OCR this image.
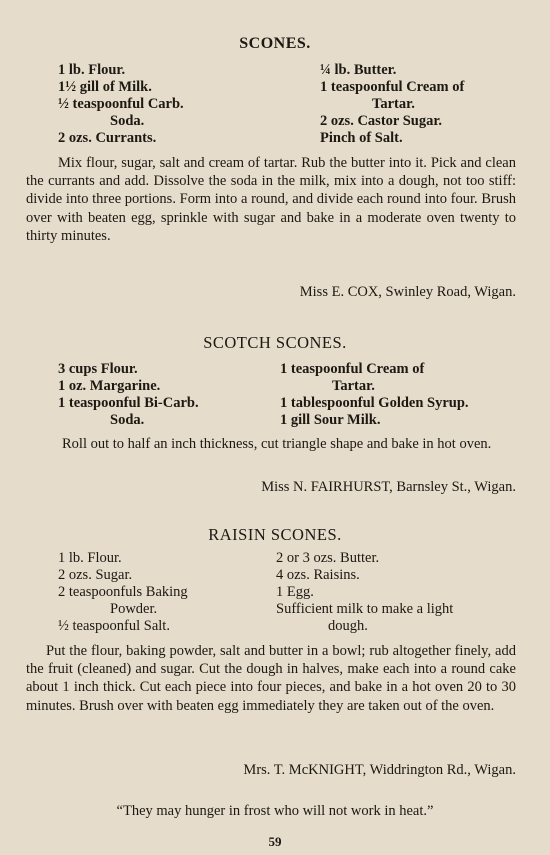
SCONES.
1 lb. Flour.
1½ gill of Milk.
½ teaspoonful Carb.
Soda.
2 ozs. Currants.
¼ lb. Butter.
1 teaspoonful Cream of
Tartar.
2 ozs. Castor Sugar.
Pinch of Salt.
Mix flour, sugar, salt and cream of tartar. Rub the butter into it. Pick and clean the currants and add. Dissolve the soda in the milk, mix into a dough, not too stiff: divide into three portions. Form into a round, and divide each round into four. Brush over with beaten egg, sprinkle with sugar and bake in a moderate oven twenty to thirty minutes.
Miss E. COX, Swinley Road, Wigan.
SCOTCH SCONES.
3 cups Flour.
1 oz. Margarine.
1 teaspoonful Bi-Carb.
Soda.
1 teaspoonful Cream of
Tartar.
1 tablespoonful Golden Syrup.
1 gill Sour Milk.
Roll out to half an inch thickness, cut triangle shape and bake in hot oven.
Miss N. FAIRHURST, Barnsley St., Wigan.
RAISIN SCONES.
1 lb. Flour.
2 ozs. Sugar.
2 teaspoonfuls Baking
Powder.
½ teaspoonful Salt.
2 or 3 ozs. Butter.
4 ozs. Raisins.
1 Egg.
Sufficient milk to make a light
dough.
Put the flour, baking powder, salt and butter in a bowl; rub altogether finely, add the fruit (cleaned) and sugar. Cut the dough in halves, make each into a round cake about 1 inch thick. Cut each piece into four pieces, and bake in a hot oven 20 to 30 minutes. Brush over with beaten egg immediately they are taken out of the oven.
Mrs. T. McKNIGHT, Widdrington Rd., Wigan.
“They may hunger in frost who will not work in heat.”
59
